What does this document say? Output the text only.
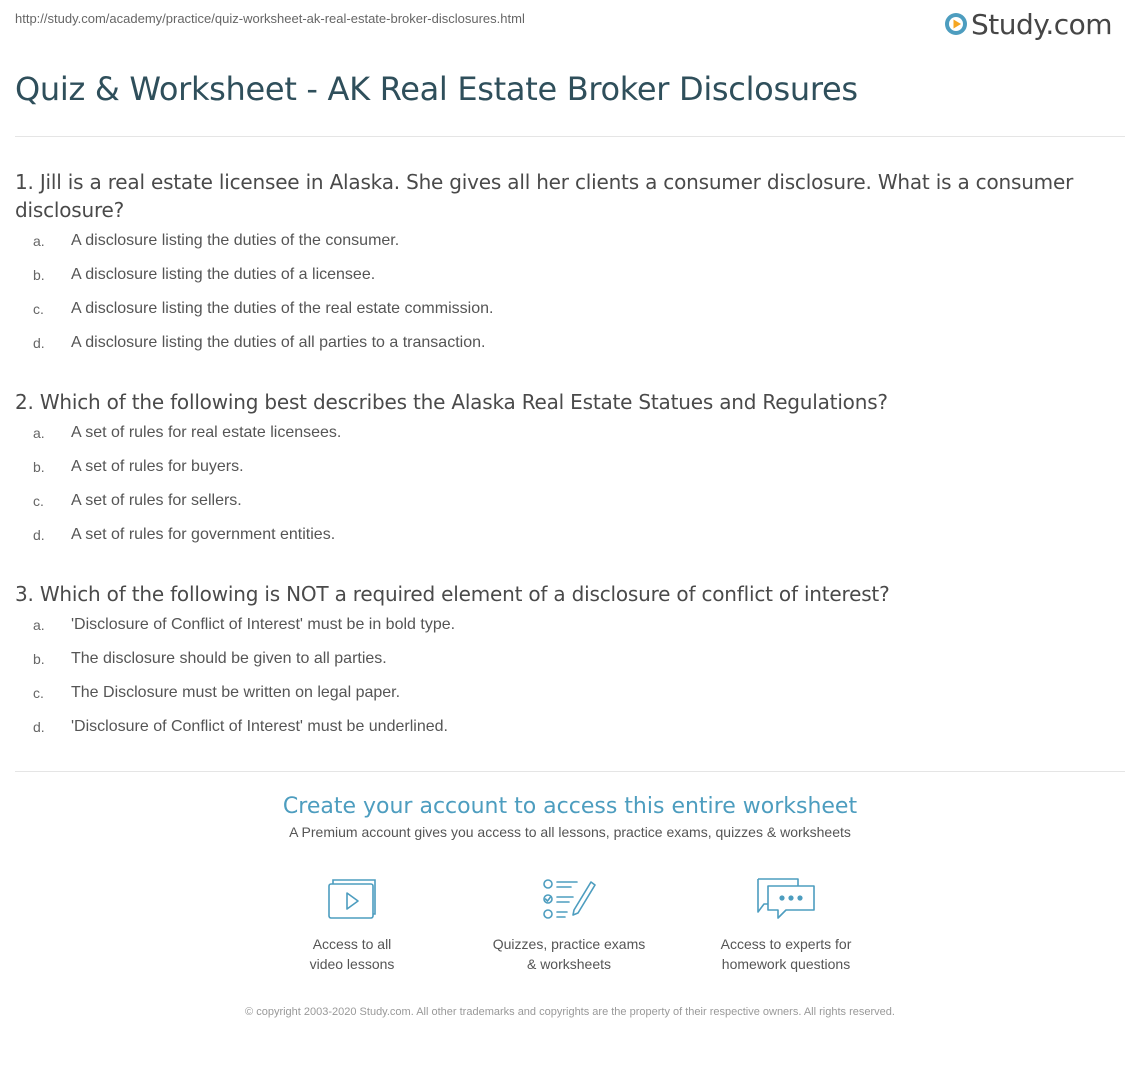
http://study.com/academy/practice/quiz-worksheet-ak-real-estate-broker-disclosures.html	Study.com
Quiz & Worksheet - AK Real Estate Broker Disclosures

1. Jill is a real estate licensee in Alaska. She gives all her clients a consumer disclosure. What is a consumer disclosure?

a.	A disclosure listing the duties of the consumer.
b.	A disclosure listing the duties of a licensee.
c.	A disclosure listing the duties of the real estate commission.
d.	A disclosure listing the duties of all parties to a transaction.

2. Which of the following best describes the Alaska Real Estate Statues and Regulations?

a.	A set of rules for real estate licensees.
b.	A set of rules for buyers.
c.	A set of rules for sellers.
d.	A set of rules for government entities.

3. Which of the following is NOT a required element of a disclosure of conflict of interest?

a.	'Disclosure of Conflict of Interest' must be in bold type.
b.	The disclosure should be given to all parties.
c.	The Disclosure must be written on legal paper.
d.	'Disclosure of Conflict of Interest' must be underlined.
Create your account to access this entire worksheet
A Premium account gives you access to all lessons, practice exams, quizzes & worksheets
Access to all
video lessons
Quizzes, practice exams
& worksheets
Access to experts for
homework questions
© copyright 2003-2020 Study.com. All other trademarks and copyrights are the property of their respective owners. All rights reserved.
